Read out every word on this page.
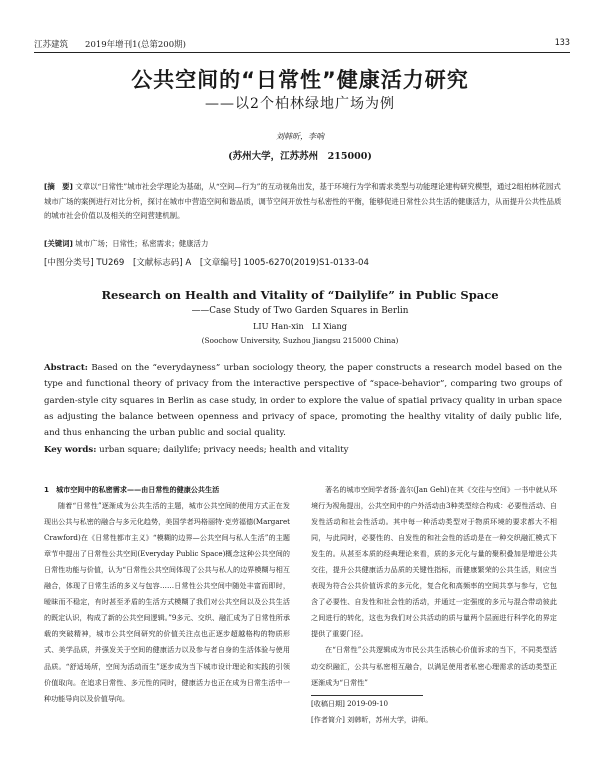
江苏建筑　　 2019年增刊1(总第200期)	133
公共空间的“日常性”健康活力研究
——以2个柏林绿地广场为例
刘韩昕，李响
(苏州大学，江苏苏州　215000)
[摘　要] 文章以“日常性”城市社会学理论为基础，从“空间—行为”的互动视角出发，基于环境行为学和需求类型与功能理论建构研究模型，通过2组柏林花园式城市广场的案例进行对比分析，探讨在城市中营造空间和谐品质，调节空间开放性与私密性的平衡，能够促进日常性公共生活的健康活力，从而提升公共性品质的城市社会价值以及相关的空间营建机制。
[关键词] 城市广场；日常性；私密需求；健康活力
[中图分类号] TU269　[文献标志码] A　[文章编号] 1005-6270(2019)S1-0133-04
Research on Health and Vitality of “Dailylife” in Public Space
——Case Study of Two Garden Squares in Berlin
LIU Han-xin　LI Xiang
(Soochow University, Suzhou Jiangsu 215000 China)
Abstract: Based on the “everydayness” urban sociology theory, the paper constructs a research model based on the type and functional theory of privacy from the interactive perspective of “space-behavior”, comparing two groups of garden-style city squares in Berlin as case study, in order to explore the value of spatial privacy quality in urban space as adjusting the balance between openness and privacy of space, promoting the healthy vitality of daily public life, and thus enhancing the urban public and social quality.
Key words: urban square; dailylife; privacy needs; health and vitality

1　城市空间中的私密需求——由日常性的健康公共生活

随着“日常性”逐渐成为公共生活的主题，城市公共空间的使用方式正在发现出公共与私密的融合与多元化趋势，美国学者玛格丽特·克劳福德(Margaret Crawford)在《日常性都市主义》“模糊的边界—公共空间与私人生活”的主题章节中提出了日常性公共空间(Everyday Public Space)概念这种公共空间的日常性功能与价值，认为“日常性公共空间体现了公共与私人的边界模糊与相互融合，体现了日常生活的多义与包容……日常性公共空间中随处丰富而即时，暧昧而不稳定，有时甚至矛盾的生活方式模糊了我们对公共空间以及公共生活的既定认识，构成了新的公共空间逻辑。”9多元、交织、融汇成为了日常性所承载的突破精神，城市公共空间研究的价值关注点也正逐步超越格构的物质形式、美学品质，并强发关于空间的健康活力以及参与者自身的生活体验与使用品质。“舒适场所，空间为活动而生”逐步成为当下城市设计理论和实践的引领价值取向。在追求日常性、多元性的同时，健康活力也正在成为日常生活中一种功能导向以及价值导向。

著名的城市空间学者扬·盖尔(Jan Gehl)在其《交往与空间》一书中就从环境行为视角提出，公共空间中的户外活动由3种类型综合构成：必要性活动、自发性活动和社会性活动。其中每一种活动类型对于物质环境的要求都大不相同，与此同时，必要性的、自发性的和社会性的活动是在一种交织融汇模式下发生的。从甚至本质的经典理论来看，质的多元化与量的聚积叠加是增进公共交往，提升公共健康活力品质的关键性指标，而健康繁荣的公共生活，则应当表现为符合公共价值诉求的多元化，复合化和高频率的空间共享与参与，它包含了必要性、自发性和社会性的活动，并通过一定强度的多元与混合带动彼此之间进行的转化，这也为我们对公共活动的质与量两个层面进行科学化的界定提供了重要门径。

在“日常性”公共逻辑成为市民公共生活核心价值诉求的当下，不同类型活动交织融汇，公共与私密相互融合，以满足使用者私密心理需求的活动类型正逐渐成为“日常性”

[收稿日期] 2019-09-10

[作者简介] 刘韩昕，苏州大学，讲师。
